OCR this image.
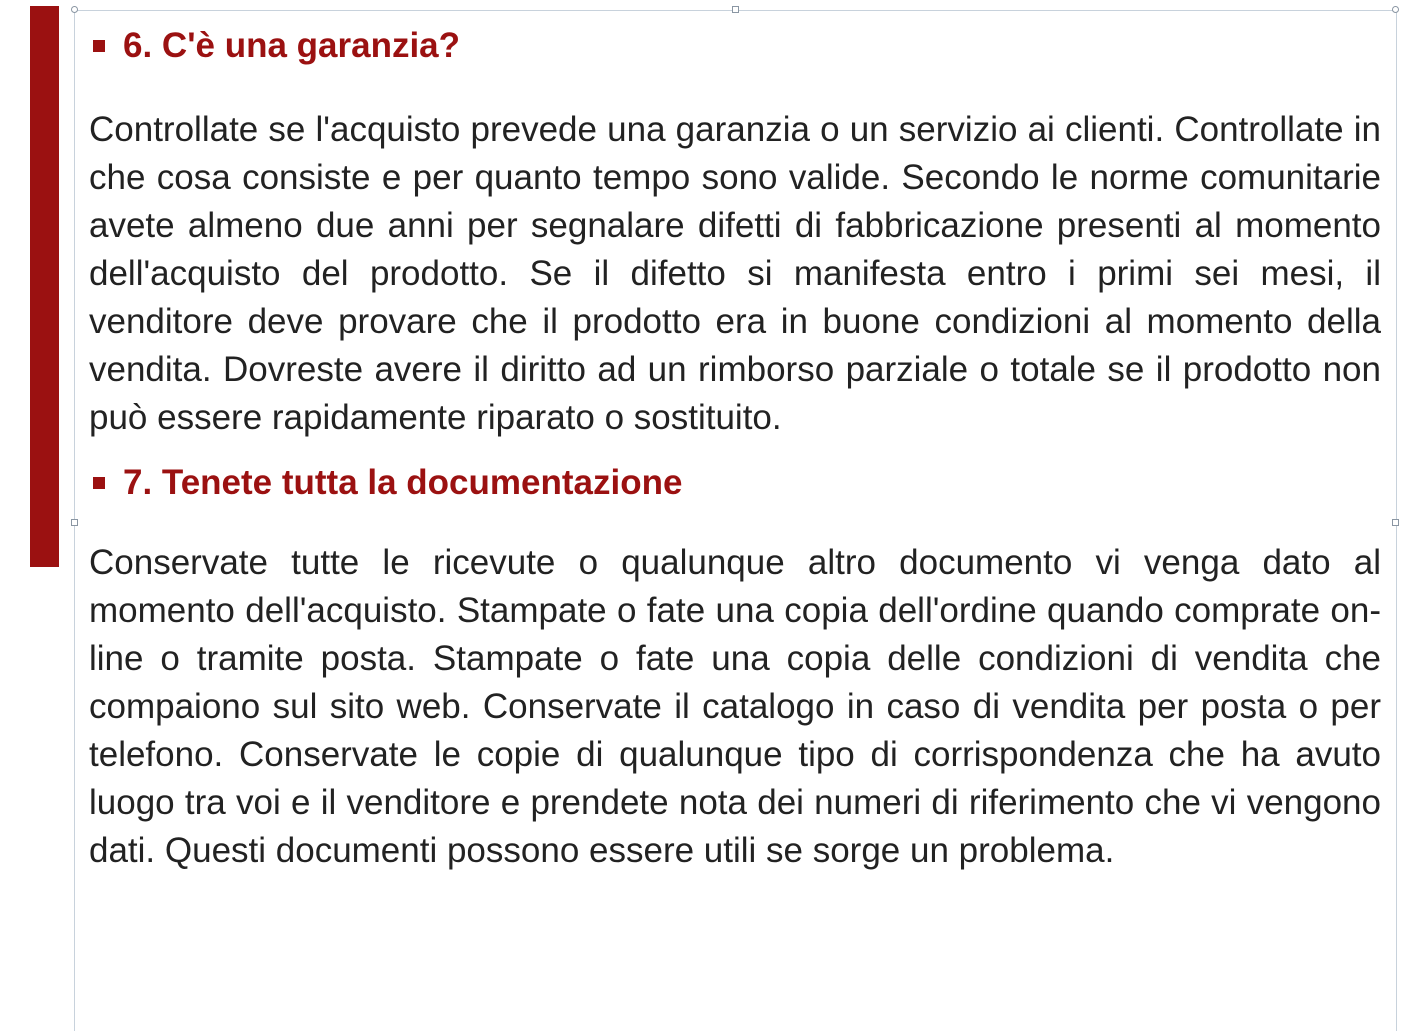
6. C'è una garanzia?

Controllate se l'acquisto prevede una garanzia o un servizio ai clienti. Controllate in che cosa consiste e per quanto tempo sono valide. Secondo le norme comunitarie avete almeno due anni per segnalare difetti di fabbricazione presenti al momento dell'acquisto del prodotto. Se il difetto si manifesta entro i primi sei mesi, il venditore deve provare che il prodotto era in buone condizioni al momento della vendita. Dovreste avere il diritto ad un rimborso parziale o totale se il prodotto non può essere rapidamente riparato o sostituito.

7. Tenete tutta la documentazione

Conservate tutte le ricevute o qualunque altro documento vi venga dato al momento dell'acquisto. Stampate o fate una copia dell'ordine quando comprate on-line o tramite posta. Stampate o fate una copia delle condizioni di vendita che compaiono sul sito web. Conservate il catalogo in caso di vendita per posta o per telefono. Conservate le copie di qualunque tipo di corrispondenza che ha avuto luogo tra voi e il venditore e prendete nota dei numeri di riferimento che vi vengono dati. Questi documenti possono essere utili se sorge un problema.
